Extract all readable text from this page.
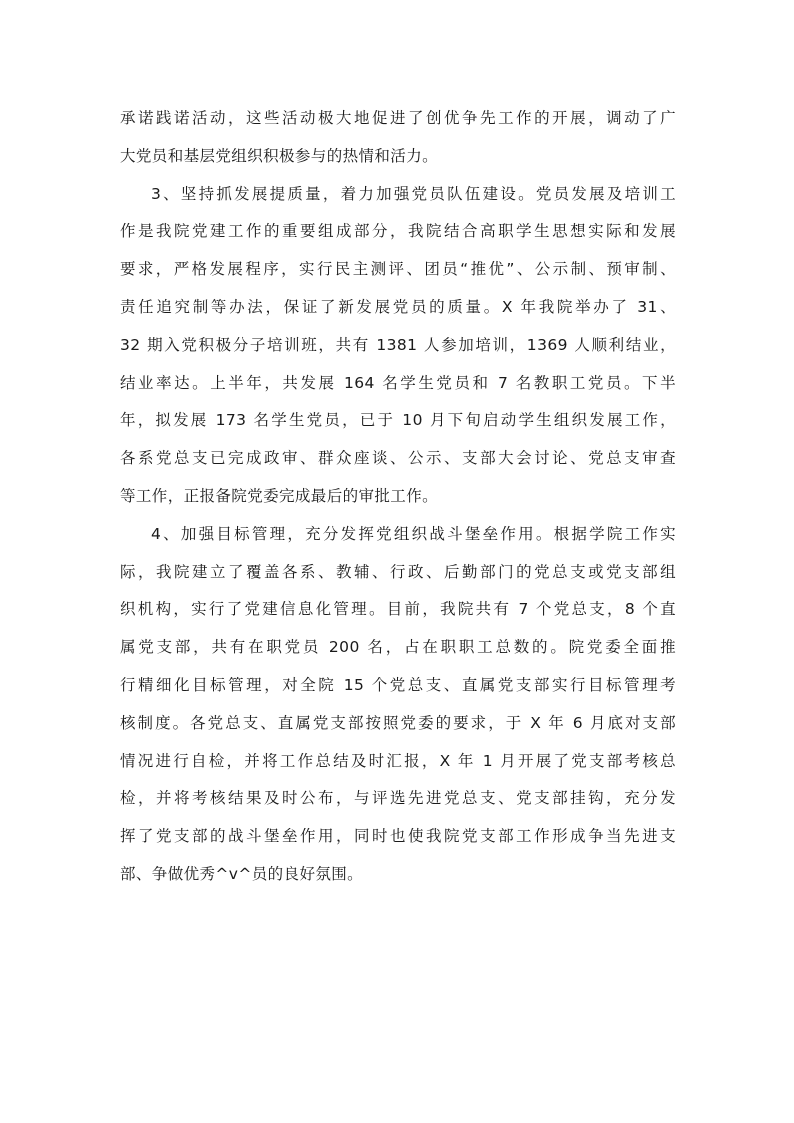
承诺践诺活动，这些活动极大地促进了创优争先工作的开展，调动了广
大党员和基层党组织积极参与的热情和活力。
3、坚持抓发展提质量，着力加强党员队伍建设。党员发展及培训工
作是我院党建工作的重要组成部分，我院结合高职学生思想实际和发展
要求，严格发展程序，实行民主测评、团员“推优”、公示制、预审制、
责任追究制等办法，保证了新发展党员的质量。X 年我院举办了 31、
32 期入党积极分子培训班，共有 1381 人参加培训，1369 人顺利结业，
结业率达。上半年，共发展 164 名学生党员和 7 名教职工党员。下半
年，拟发展 173 名学生党员，已于 10 月下旬启动学生组织发展工作，
各系党总支已完成政审、群众座谈、公示、支部大会讨论、党总支审查
等工作，正报备院党委完成最后的审批工作。
4、加强目标管理，充分发挥党组织战斗堡垒作用。根据学院工作实
际，我院建立了覆盖各系、教辅、行政、后勤部门的党总支或党支部组
织机构，实行了党建信息化管理。目前，我院共有 7 个党总支，8 个直
属党支部，共有在职党员 200 名，占在职职工总数的。院党委全面推
行精细化目标管理，对全院 15 个党总支、直属党支部实行目标管理考
核制度。各党总支、直属党支部按照党委的要求，于 X 年 6 月底对支部
情况进行自检，并将工作总结及时汇报，X 年 1 月开展了党支部考核总
检，并将考核结果及时公布，与评选先进党总支、党支部挂钩，充分发
挥了党支部的战斗堡垒作用，同时也使我院党支部工作形成争当先进支
部、争做优秀^v^员的良好氛围。
